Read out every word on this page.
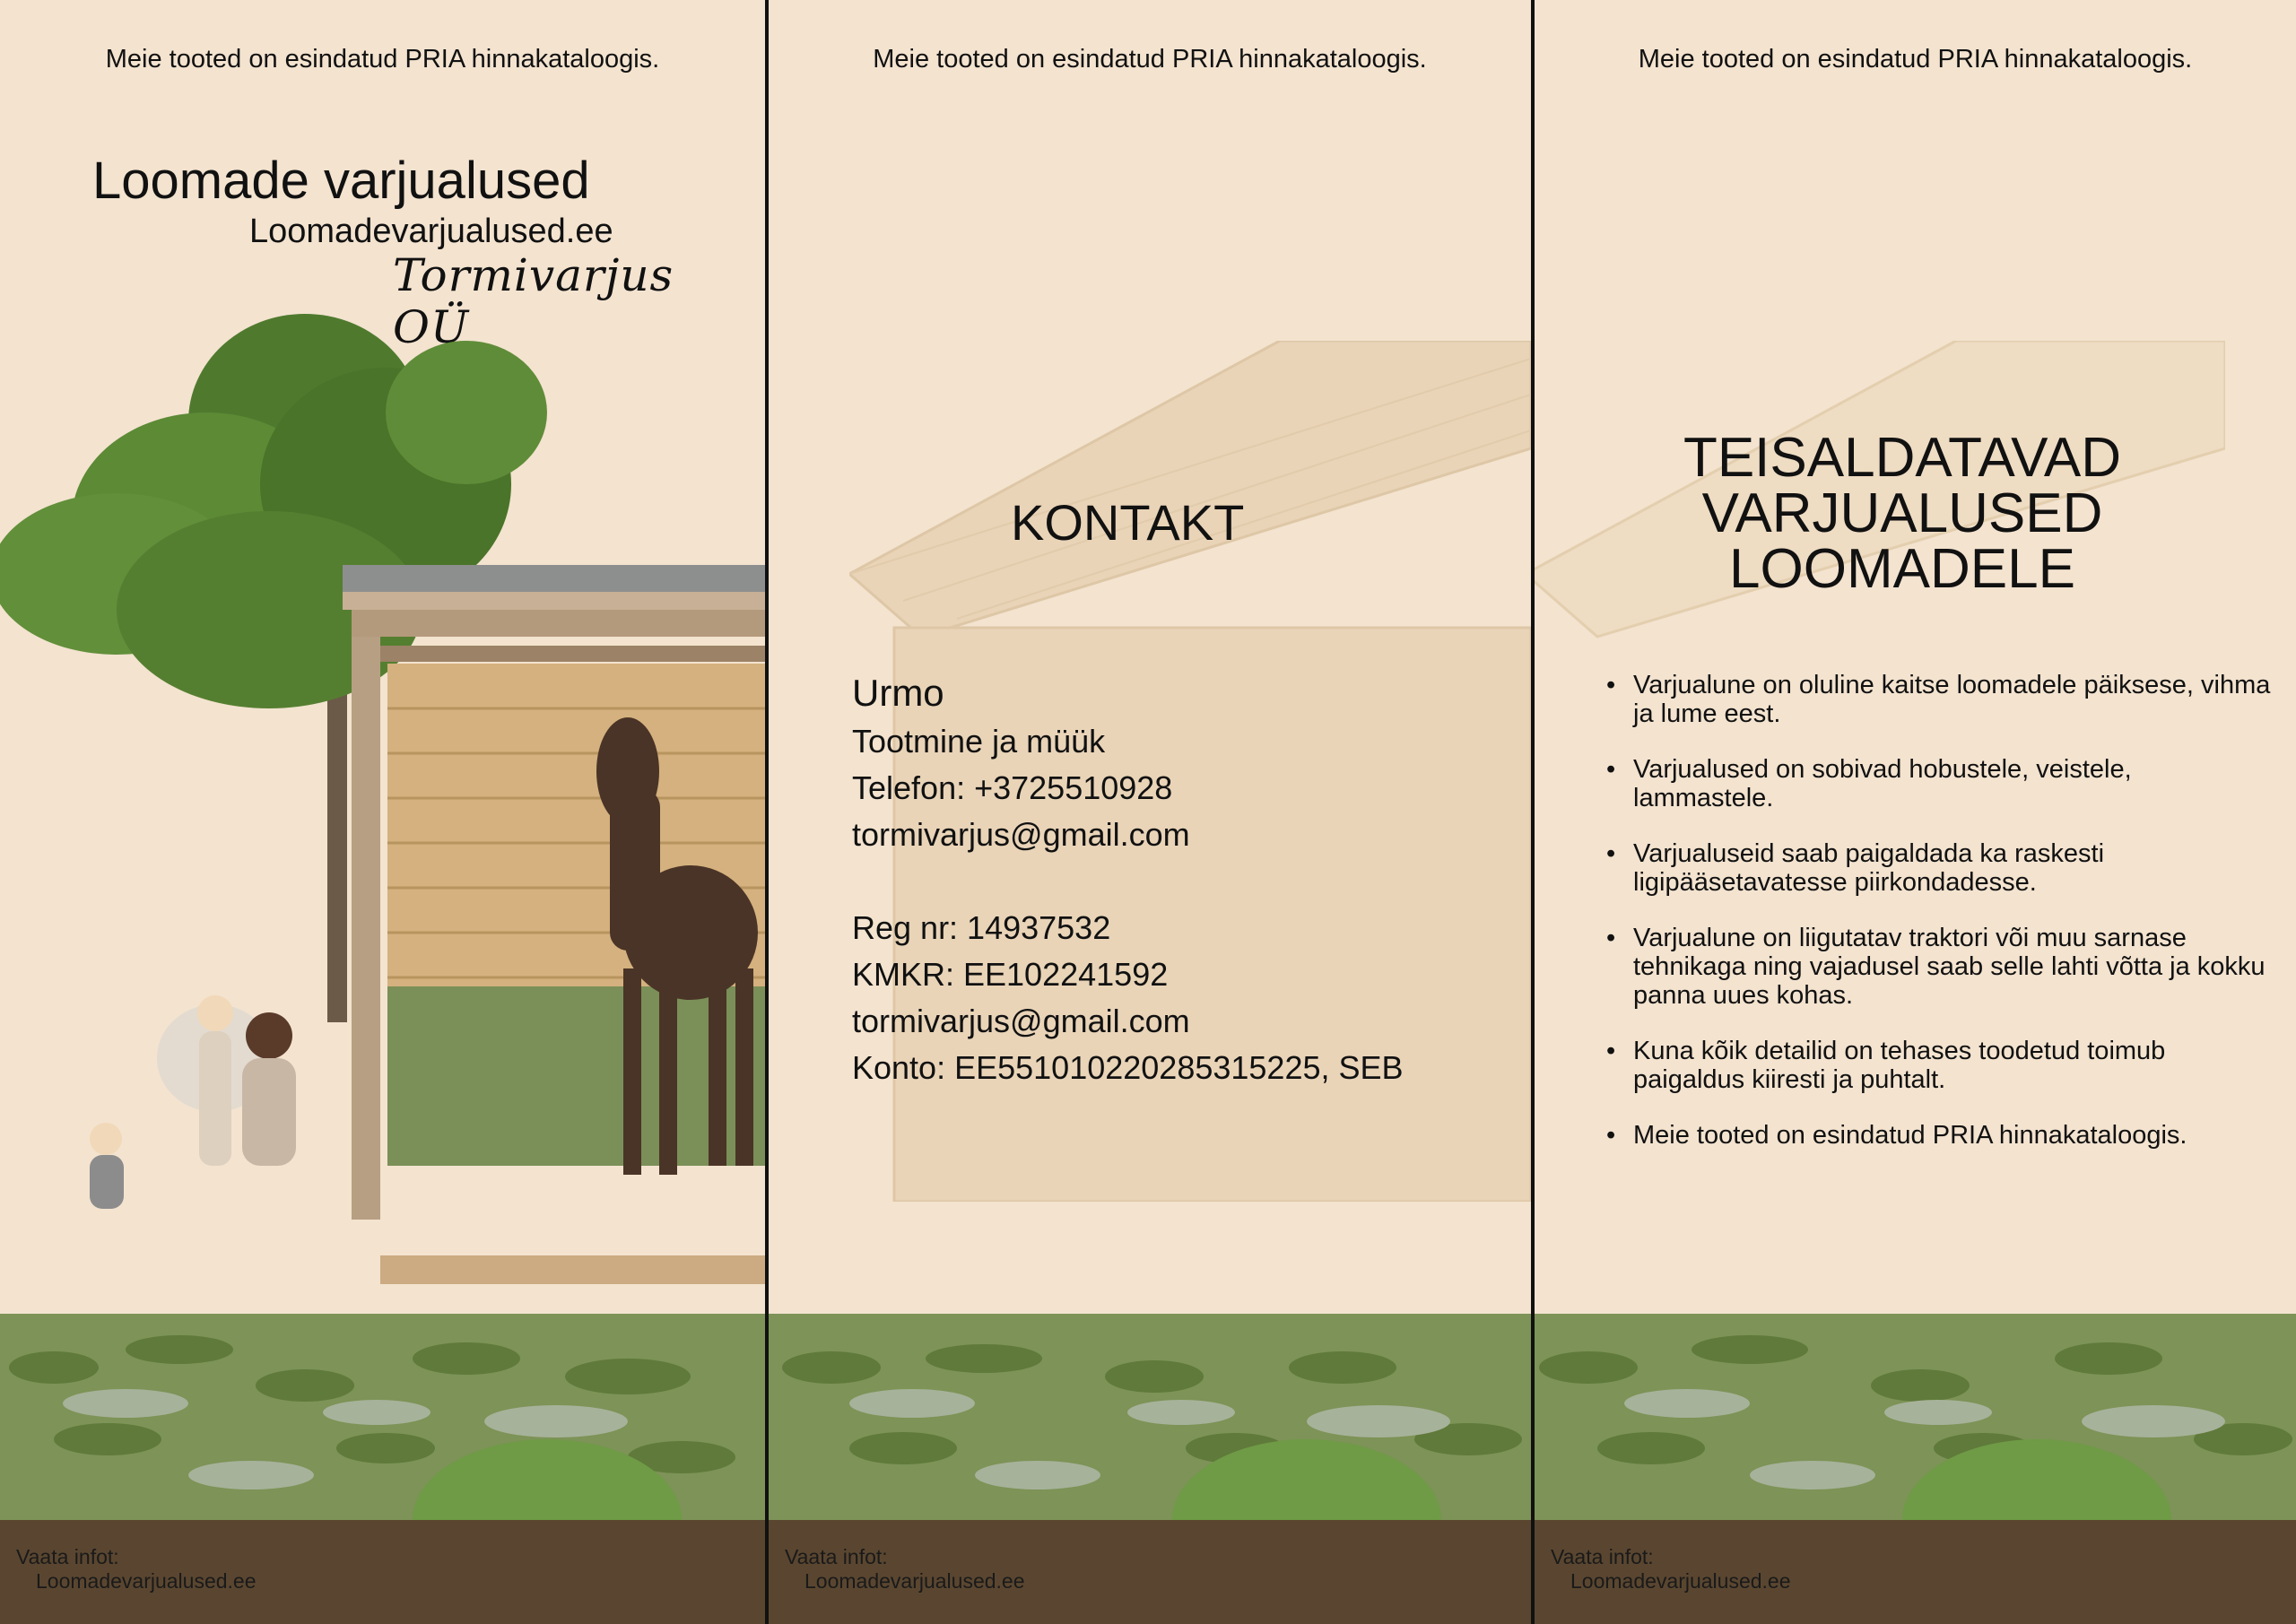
Meie tooted on esindatud PRIA hinnakataloogis.
Loomade varjualused
Loomadevarjualused.ee
Tormivarjus OÜ
Vaata infot:
Loomadevarjualused.ee
Meie tooted on esindatud PRIA hinnakataloogis.
KONTAKT
Urmo
Tootmine ja müük
Telefon: +3725510928
tormivarjus@gmail.com
Reg nr: 14937532
KMKR: EE102241592
tormivarjus@gmail.com
Konto: EE551010220285315225, SEB
Vaata infot:
Loomadevarjualused.ee
Meie tooted on esindatud PRIA hinnakataloogis.
TEISALDATAVAD
VARJUALUSED
LOOMADELE
• Varjualune on oluline kaitse loomadele päiksese, vihma ja lume eest.
• Varjualused on sobivad hobustele, veistele, lammastele.
• Varjualuseid saab paigaldada ka raskesti ligipääsetavatesse piirkondadesse.
• Varjualune on liigutatav traktori või muu sarnase tehnikaga ning vajadusel saab selle lahti võtta ja kokku panna uues kohas.
• Kuna kõik detailid on tehases toodetud toimub paigaldus kiiresti ja puhtalt.
• Meie tooted on esindatud PRIA hinnakataloogis.
Vaata infot:
Loomadevarjualused.ee
